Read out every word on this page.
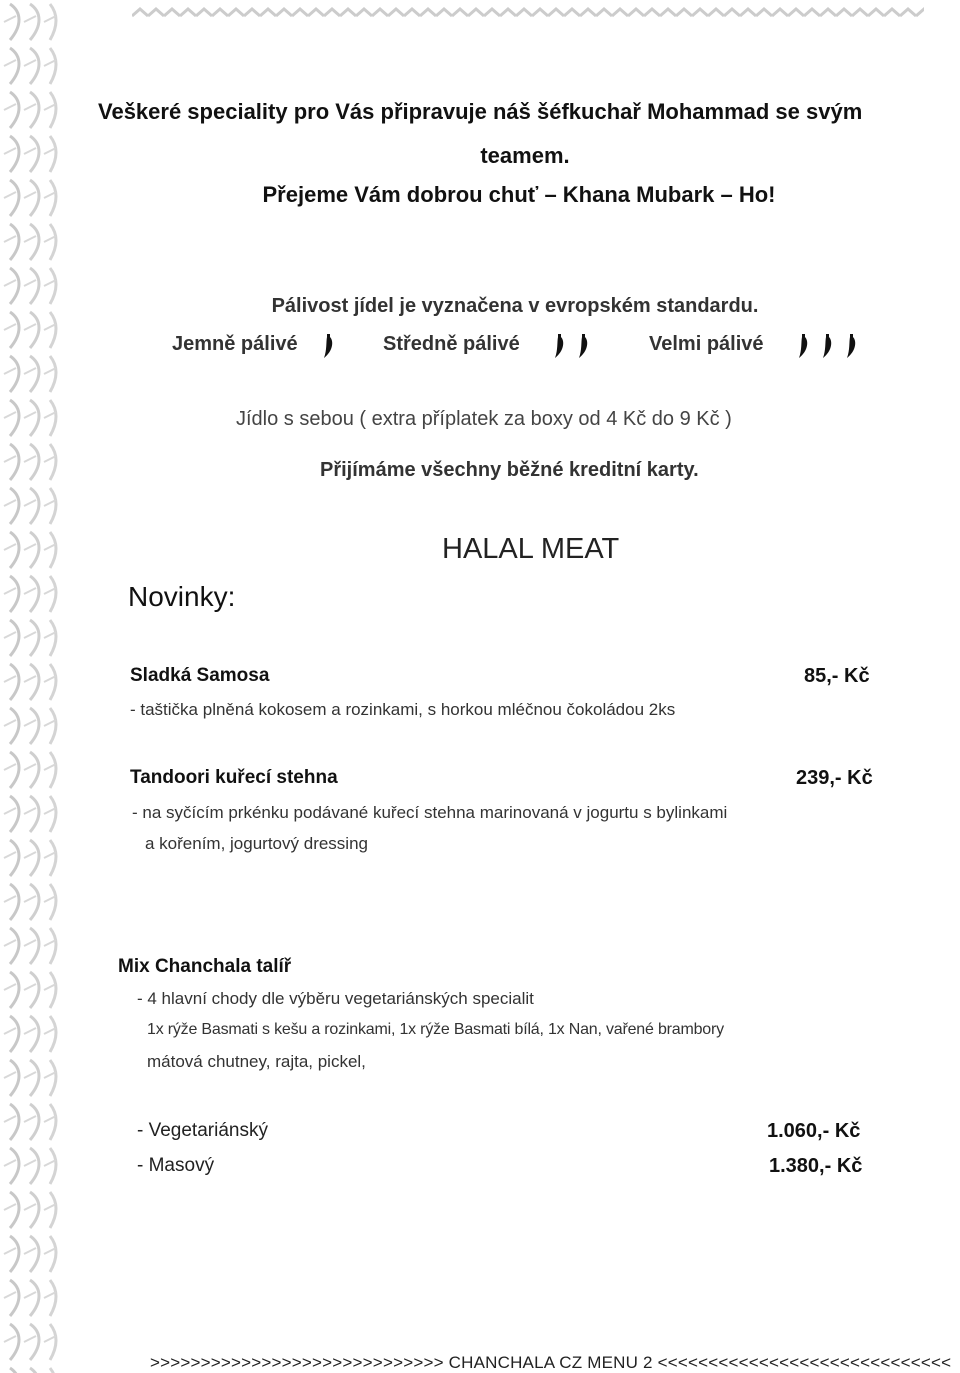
Veškeré speciality pro Vás připravuje náš šéfkuchař Mohammad se svým
teamem.
Přejeme Vám dobrou chuť – Khana Mubark – Ho!
Pálivost jídel je vyznačena v evropském standardu.
Jemně pálivé	Středně pálivé	Velmi pálivé
Jídlo s sebou ( extra příplatek za boxy od 4 Kč do 9 Kč )
Přijímáme všechny běžné kreditní karty.
HALAL MEAT
Novinky:
Sladká Samosa	85,- Kč
- taštička plněná kokosem a rozinkami, s horkou mléčnou čokoládou 2ks
Tandoori kuřecí stehna	239,- Kč
- na syčícím prkénku podávané kuřecí stehna marinovaná v jogurtu s bylinkami
a kořením, jogurtový dressing
Mix Chanchala talíř
- 4 hlavní chody dle výběru vegetariánských specialit
1x rýže Basmati s kešu a rozinkami, 1x rýže Basmati bílá, 1x Nan, vařené brambory
mátová chutney, rajta, pickel,
- Vegetariánský	1.060,- Kč
- Masový	1.380,- Kč
>>>>>>>>>>>>>>>>>>>>>>>>>>>>> CHANCHALA CZ MENU 2 <<<<<<<<<<<<<<<<<<<<<<<<<<<<<
